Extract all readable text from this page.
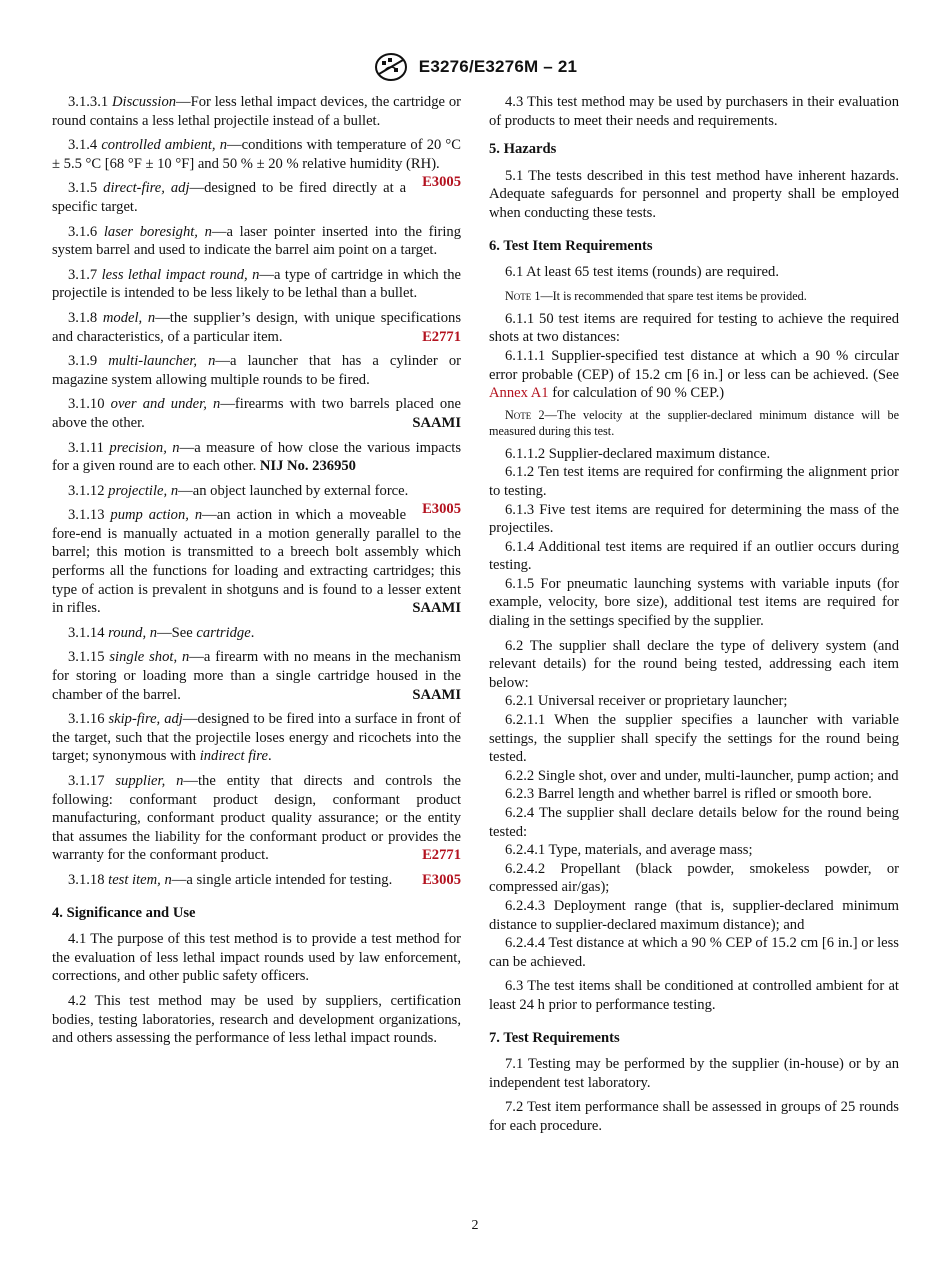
E3276/E3276M – 21

3.1.3.1 Discussion—For less lethal impact devices, the cartridge or round contains a less lethal projectile instead of a bullet.

3.1.4 controlled ambient, n—conditions with temperature of 20 °C ± 5.5 °C [68 °F ± 10 °F] and 50 % ± 20 % relative humidity (RH).
E3005

3.1.5 direct-fire, adj—designed to be fired directly at a specific target.

3.1.6 laser boresight, n—a laser pointer inserted into the firing system barrel and used to indicate the barrel aim point on a target.

3.1.7 less lethal impact round, n—a type of cartridge in which the projectile is intended to be less likely to be lethal than a bullet.

3.1.8 model, n—the supplier’s design, with unique specifications and characteristics, of a particular item.	E2771

3.1.9 multi-launcher, n—a launcher that has a cylinder or magazine system allowing multiple rounds to be fired.

3.1.10 over and under, n—firearms with two barrels placed one above the other.	SAAMI

3.1.11 precision, n—a measure of how close the various impacts for a given round are to each other. NIJ No. 236950

3.1.12 projectile, n—an object launched by external force.
E3005

3.1.13 pump action, n—an action in which a moveable fore-end is manually actuated in a motion generally parallel to the barrel; this motion is transmitted to a breech bolt assembly which performs all the functions for loading and extracting cartridges; this type of action is prevalent in shotguns and is found to a lesser extent in rifles.	SAAMI

3.1.14 round, n—See cartridge.

3.1.15 single shot, n—a firearm with no means in the mechanism for storing or loading more than a single cartridge housed in the chamber of the barrel.	SAAMI

3.1.16 skip-fire, adj—designed to be fired into a surface in front of the target, such that the projectile loses energy and ricochets into the target; synonymous with indirect fire.

3.1.17 supplier, n—the entity that directs and controls the following: conformant product design, conformant product manufacturing, conformant product quality assurance; or the entity that assumes the liability for the conformant product or provides the warranty for the conformant product.	E2771

3.1.18 test item, n—a single article intended for testing.	E3005

4. Significance and Use

4.1 The purpose of this test method is to provide a test method for the evaluation of less lethal impact rounds used by law enforcement, corrections, and other public safety officers.

4.2 This test method may be used by suppliers, certification bodies, testing laboratories, research and development organizations, and others assessing the performance of less lethal impact rounds.

4.3 This test method may be used by purchasers in their evaluation of products to meet their needs and requirements.

5. Hazards

5.1 The tests described in this test method have inherent hazards. Adequate safeguards for personnel and property shall be employed when conducting these tests.

6. Test Item Requirements

6.1 At least 65 test items (rounds) are required.

Note 1—It is recommended that spare test items be provided.

6.1.1 50 test items are required for testing to achieve the required shots at two distances:

6.1.1.1 Supplier-specified test distance at which a 90 % circular error probable (CEP) of 15.2 cm [6 in.] or less can be achieved. (See Annex A1 for calculation of 90 % CEP.)

Note 2—The velocity at the supplier-declared minimum distance will be measured during this test.

6.1.1.2 Supplier-declared maximum distance.

6.1.2 Ten test items are required for confirming the alignment prior to testing.

6.1.3 Five test items are required for determining the mass of the projectiles.

6.1.4 Additional test items are required if an outlier occurs during testing.

6.1.5 For pneumatic launching systems with variable inputs (for example, velocity, bore size), additional test items are required for dialing in the settings specified by the supplier.

6.2 The supplier shall declare the type of delivery system (and relevant details) for the round being tested, addressing each item below:

6.2.1 Universal receiver or proprietary launcher;

6.2.1.1 When the supplier specifies a launcher with variable settings, the supplier shall specify the settings for the round being tested.

6.2.2 Single shot, over and under, multi-launcher, pump action; and

6.2.3 Barrel length and whether barrel is rifled or smooth bore.

6.2.4 The supplier shall declare details below for the round being tested:

6.2.4.1 Type, materials, and average mass;

6.2.4.2 Propellant (black powder, smokeless powder, or compressed air/gas);

6.2.4.3 Deployment range (that is, supplier-declared minimum distance to supplier-declared maximum distance); and

6.2.4.4 Test distance at which a 90 % CEP of 15.2 cm [6 in.] or less can be achieved.

6.3 The test items shall be conditioned at controlled ambient for at least 24 h prior to performance testing.

7. Test Requirements

7.1 Testing may be performed by the supplier (in-house) or by an independent test laboratory.

7.2 Test item performance shall be assessed in groups of 25 rounds for each procedure.

2
